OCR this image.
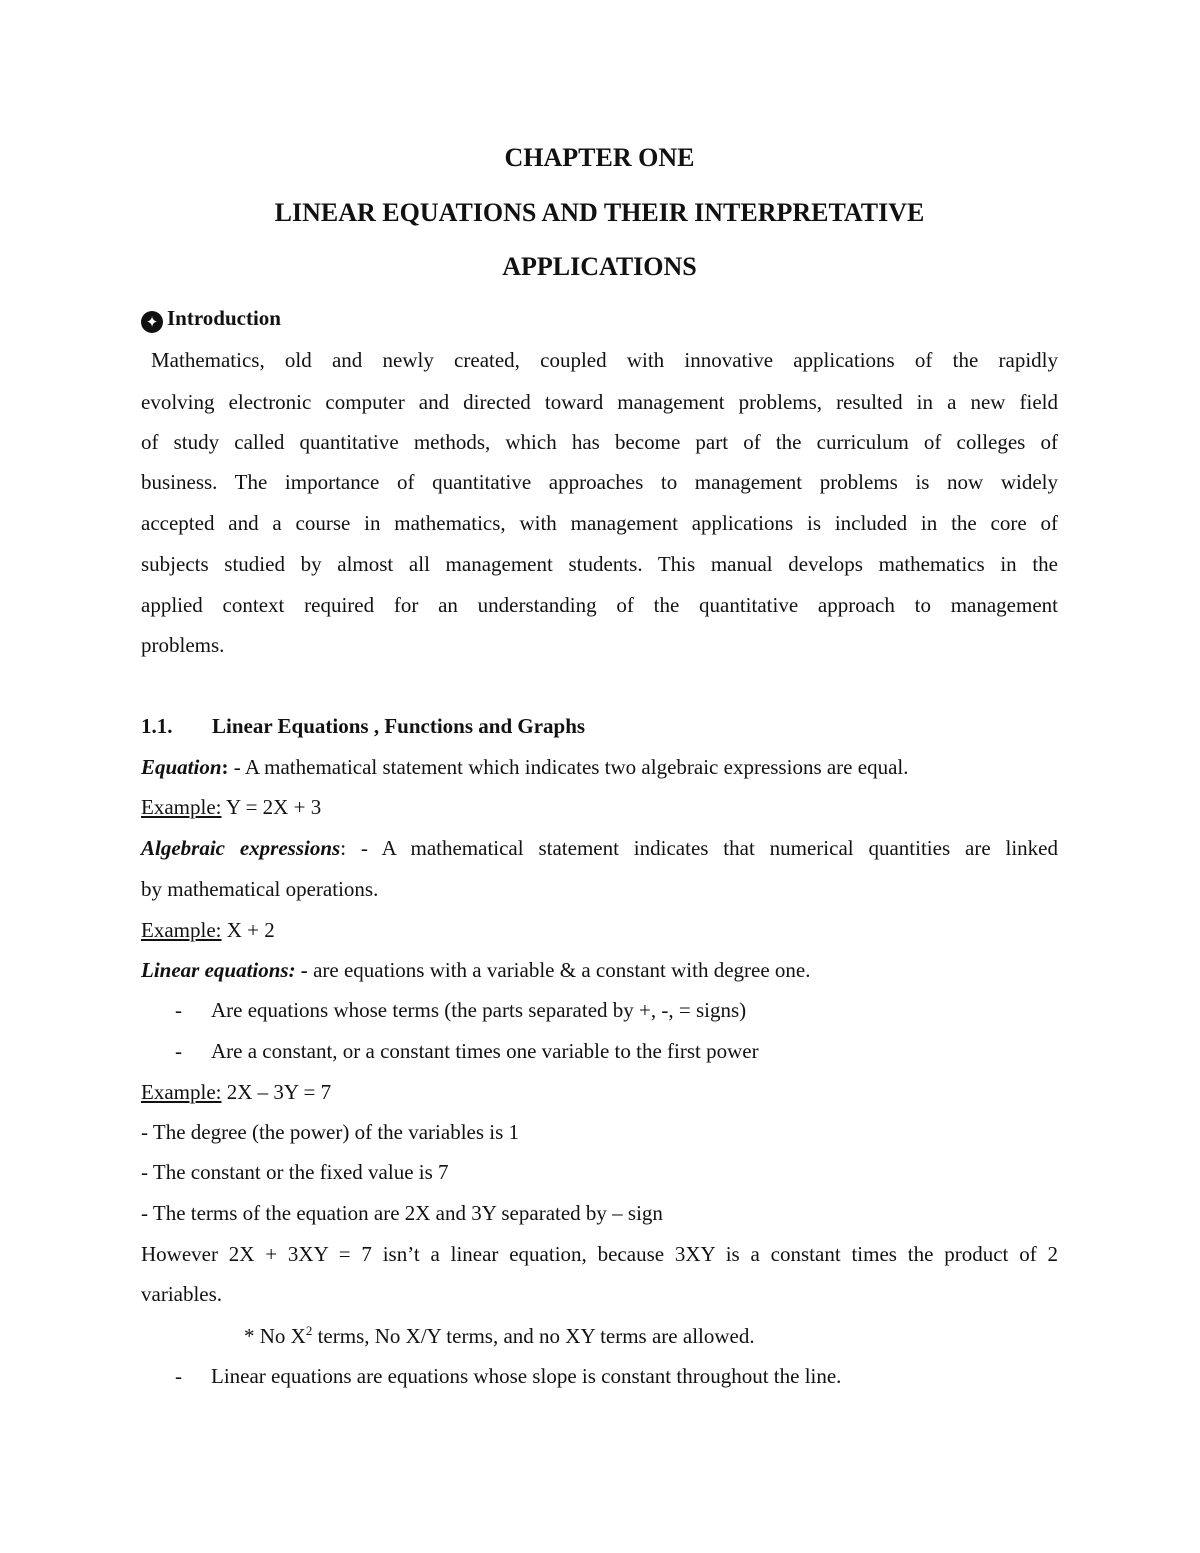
CHAPTER ONE
LINEAR EQUATIONS AND THEIR INTERPRETATIVE
APPLICATIONS
✦ Introduction
Mathematics, old and newly created, coupled with innovative applications of the rapidly
evolving electronic computer and directed toward management problems, resulted in a new field
of study called quantitative methods, which has become part of the curriculum of colleges of
business. The importance of quantitative approaches to management problems is now widely
accepted and a course in mathematics, with management applications is included in the core of
subjects studied by almost all management students. This manual develops mathematics in the
applied context required for an understanding of the quantitative approach to management
problems.
1.1. Linear Equations , Functions and Graphs
Equation: - A mathematical statement which indicates two algebraic expressions are equal.
Example: Y = 2X + 3
Algebraic expressions: - A mathematical statement indicates that numerical quantities are linked
by mathematical operations.
Example: X + 2
Linear equations: - are equations with a variable & a constant with degree one.
- Are equations whose terms (the parts separated by +, -, = signs)
- Are a constant, or a constant times one variable to the first power
Example: 2X – 3Y = 7
- The degree (the power) of the variables is 1
- The constant or the fixed value is 7
- The terms of the equation are 2X and 3Y separated by – sign
However 2X + 3XY = 7 isn’t a linear equation, because 3XY is a constant times the product of 2
variables.
* No $X^2$ terms, No X/Y terms, and no XY terms are allowed.
- Linear equations are equations whose slope is constant throughout the line.
